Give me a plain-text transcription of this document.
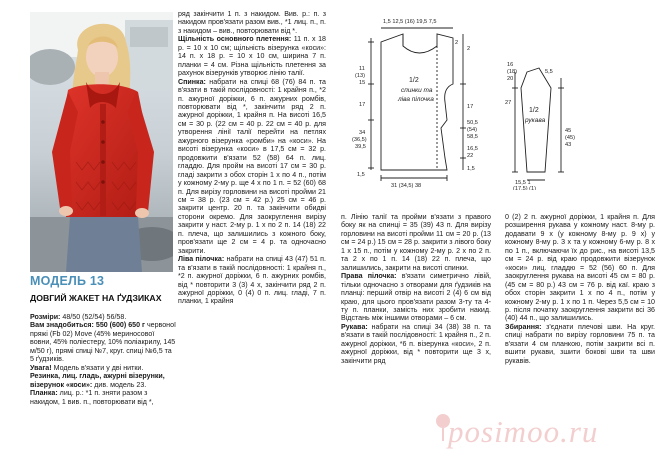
МОДЕЛЬ 13
ДОВГИЙ ЖАКЕТ НА ҐУДЗИКАХ

Розміри: 48/50 (52/54) 56/58.

Вам знадобиться: 550 (600) 650 г червоної пряжі (Fb 02) Move (45% мериносової вовни, 45% поліестеру, 10% поліакрилу, 145 м/50 г), прямі спиці №7, круг. спиці №6,5 та 5 ґудзиків.

Увага! Модель в'язати у дві нитки.

Резинка, лиц. гладь, ажурні візерунки, візерунок «коси»: див. модель 23.

Планка: лиц. р.: *1 п. зняти разом з накидом, 1 вив. п., повторювати від *,

ряд закінчити 1 п. з накидом. Вив. р.: п. з накидом пров'язати разом вив., *1 лиц. п., п. з накидом – вив., повторювати від *.

Щільність основного плетення: 11 п. х 18 р. = 10 х 10 см; щільність візерунка «коси»: 14 п. х 18 р. = 10 х 10 см, ширина 7 п. планки = 4 см. Різна щільність плетення за рахунок візерунків утворює лінію талії.

Спинка: набрати на спиці 68 (76) 84 п. та в'язати в такій послідовності: 1 крайня п., *2 п. ажурної доріжки, 6 п. ажурних ромбів, повторювати від *, закінчити ряд 2 п. ажурної доріжки, 1 крайня п. На висоті 16,5 см = 30 р. (22 см = 40 р. 22 см = 40 р. для утворення лінії талії перейти на петлях ажурного візерунка «ромби» на «коси». На висоті візерунка «коси» в 17,5 см = 32 р. продовжити в'язати 52 (58) 64 п. лиц. гладдю. Для пройм на висоті 17 см = 30 р. гладі закрити з обох сторін 1 х по 4 п., потім у кожному 2-му р. ще 4 х по 1 п. = 52 (60) 68 п. Для вирізу горловини на висоті пройми 21 см = 38 р. (23 см = 42 р.) 25 см = 46 р. закрити центр. 20 п. та закінчити обидві сторони окремо. Для заокруглення вирізу закрити у наст. 2-му р. 1 х по 2 п. 14 (18) 22 п. плеча, що залишились з кожного боку, пров'язати ще 2 см = 4 р. та одночасно закрити.

Ліва пілочка: набрати на спиці 43 (47) 51 п. та в'язати в такій послідовності: 1 крайня п., *2 п. ажурної доріжки, 6 п. ажурних ромбів, від * повторити 3 (3) 4 х, закінчити ряд 2 п. ажурної доріжки, 0 (4) 0 п. лиц. гладі, 7 п. планки, 1 крайня

п. Лінію талії та пройми в'язати з правого боку як на спинці = 35 (39) 43 п. Для вирізу горловини на висоті пройми 11 см = 20 р. (13 см = 24 р.) 15 см = 28 р. закрити з лівого боку 1 х 15 п., потім у кожному 2-му р. 2 х по 2 п. та 2 х по 1 п. 14 (18) 22 п. плеча, що залишились, закрити на висоті спинки.

Права пілочка: в'язати симетрично лівій, тільки одночасно з отворами для ґудзиків на планці: перший отвір на висоті 2 (4) 6 см від краю, для цього пров'язати разом 3-ту та 4-ту п. планки, замість них зробити накид. Відстань між іншими отворами – 6 см.

Рукава: набрати на спиці 34 (38) 38 п. та в'язати в такій послідовності: 1 крайня п., 2 п. ажурної доріжки, *6 п. візерунка «коси», 2 п. ажурної доріжки, від * повторити ще 3 х, закінчити ряд

0 (2) 2 п. ажурної доріжки, 1 крайня п. Для розширення рукава у кожному наст. 8-му р. додавати 9 х (у кожному 8-му р. 9 х) у кожному 8-му р. 3 х та у кожному 6-му р. 8 х по 1 п., включаючи їх до рис., на висоті 13,5 см = 24 р. від краю продовжити візерунок «коси» лиц. гладдю = 52 (56) 60 п. Для заокруглення рукава на висоті 45 см = 80 р. (45 см = 80 р.) 43 см = 76 р. від каї. краю з обох сторін закрити 1 х по 4 п., потім у кожному 2-му р. 1 х по 1 п. Через 5,5 см = 10 р. після початку заокруглення закрити всі 36 (40) 44 п., що залишились.

Збирання: з'єднати плечові шви. На круг. спиці набрати по вирізу горловини 75 п. та в'язати 4 см планкою, потім закрити всі п. вшити рукави, зшити бокові шви та шви рукавів.

1,5 12,5 (16) 19,5 7,5
2
11
(13)
15
17
34
(36,5)
39,5
1,5
2
17
50,5
(54)
58,5
16,5
22
1,5
31 (34,5) 38
1/2
спинки та
ліва пілочка
16
(18)
20
5,5
27
1/2
рукава
45
(45)
43
15,5 1
(17,5) (1)
posimoo.ru
